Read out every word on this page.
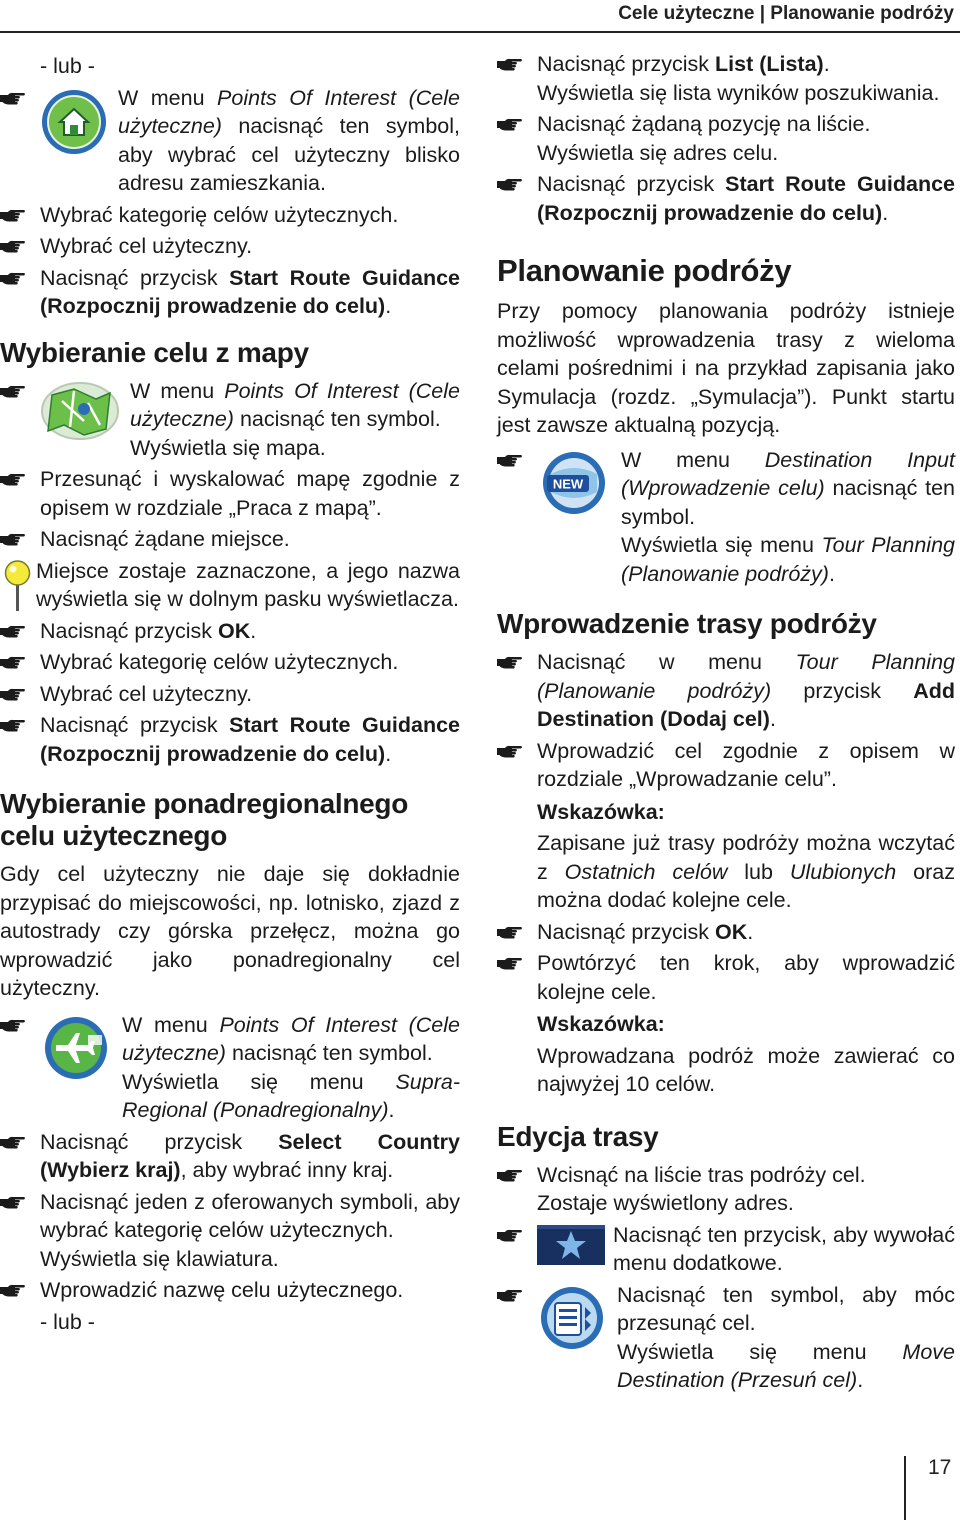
Cele użyteczne | Planowanie podróży
- lub -
W menu Points Of Interest (Cele użyteczne) nacisnąć ten symbol, aby wybrać cel użyteczny blisko adresu zamieszkania.
Wybrać kategorię celów użytecznych.
Wybrać cel użyteczny.
Nacisnąć przycisk Start Route Guidance (Rozpocznij prowadzenie do celu).
Wybieranie celu z mapy
W menu Points Of Interest (Cele użyteczne) nacisnąć ten symbol.
Wyświetla się mapa.
Przesunąć i wyskalować mapę zgodnie z opisem w rozdziale „Praca z mapą”.
Nacisnąć żądane miejsce.
Miejsce zostaje zaznaczone, a jego nazwa wyświetla się w dolnym pasku wyświetlacza.
Nacisnąć przycisk OK.
Wybrać kategorię celów użytecznych.
Wybrać cel użyteczny.
Nacisnąć przycisk Start Route Guidance (Rozpocznij prowadzenie do celu).
Wybieranie ponadregionalnego celu użytecznego
Gdy cel użyteczny nie daje się dokładnie przypisać do miejscowości, np. lotnisko, zjazd z autostrady czy górska przełęcz, można go wprowadzić jako ponadregionalny cel użyteczny.
W menu Points Of Interest (Cele użyteczne) nacisnąć ten symbol.
Wyświetla się menu Supra-Regional (Ponadregionalny).
Nacisnąć przycisk Select Country (Wybierz kraj), aby wybrać inny kraj.
Nacisnąć jeden z oferowanych symboli, aby wybrać kategorię celów użytecznych.
Wyświetla się klawiatura.
Wprowadzić nazwę celu użytecznego.
- lub -
Nacisnąć przycisk List (Lista).
Wyświetla się lista wyników poszukiwania.
Nacisnąć żądaną pozycję na liście.
Wyświetla się adres celu.
Nacisnąć przycisk Start Route Guidance (Rozpocznij prowadzenie do celu).
Planowanie podróży
Przy pomocy planowania podróży istnieje możliwość wprowadzenia trasy z wieloma celami pośrednimi i na przykład zapisania jako Symulacja (rozdz. „Symulacja”). Punkt startu jest zawsze aktualną pozycją.
NEW
W menu Destination Input (Wprowadzenie celu) nacisnąć ten symbol.
Wyświetla się menu Tour Planning (Planowanie podróży).
Wprowadzenie trasy podróży
Nacisnąć w menu Tour Planning (Planowanie podróży) przycisk Add Destination (Dodaj cel).
Wprowadzić cel zgodnie z opisem w rozdziale „Wprowadzanie celu”.
Wskazówka:
Zapisane już trasy podróży można wczytać z Ostatnich celów lub Ulubionych oraz można dodać kolejne cele.
Nacisnąć przycisk OK.
Powtórzyć ten krok, aby wprowadzić kolejne cele.
Wskazówka:
Wprowadzana podróż może zawierać co najwyżej 10 celów.
Edycja trasy
Wcisnąć na liście tras podróży cel.
Zostaje wyświetlony adres.
Nacisnąć ten przycisk, aby wywołać menu dodatkowe.
Nacisnąć ten symbol, aby móc przesunąć cel.
Wyświetla się menu Move Destination (Przesuń cel).
17
